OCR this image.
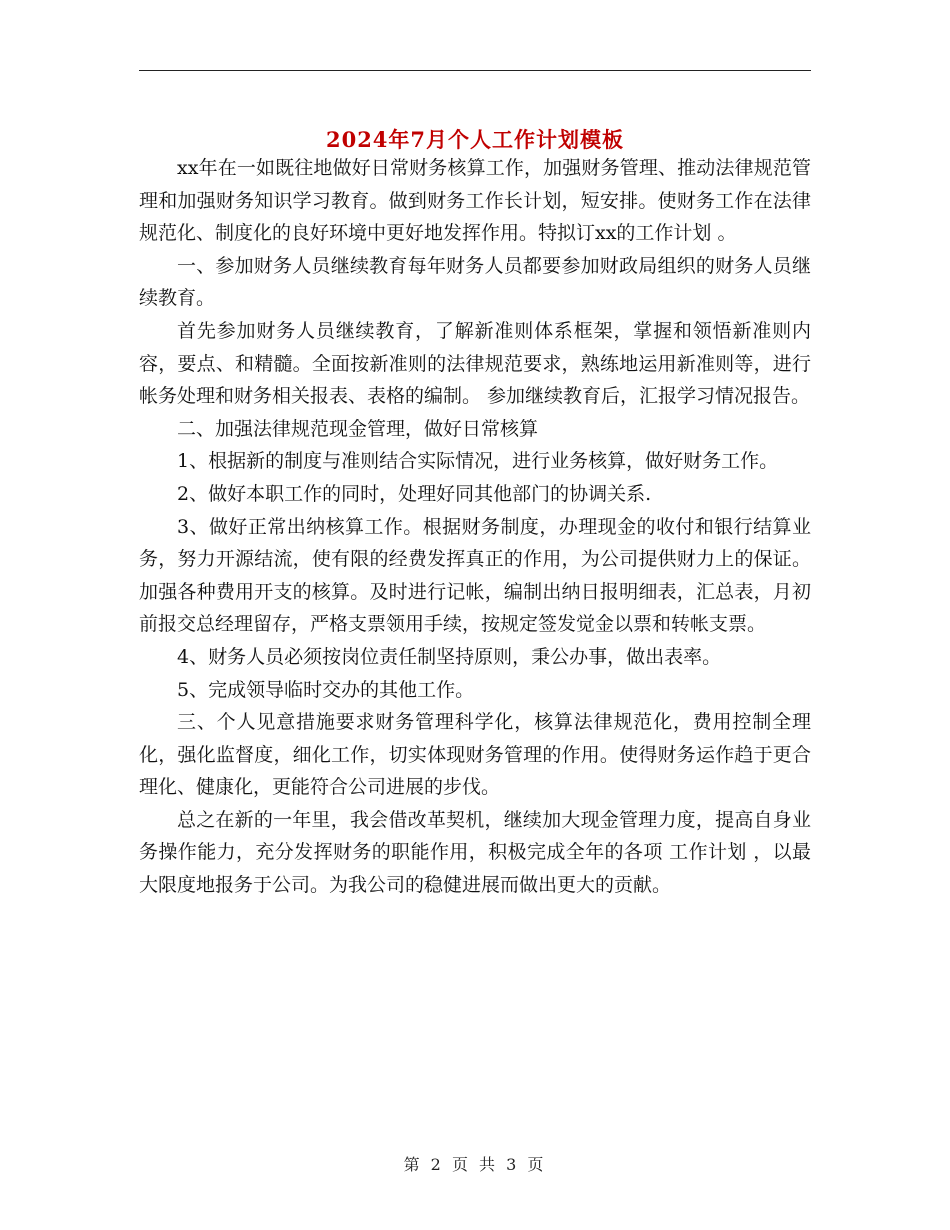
2024年7月个人工作计划模板

xx年在一如既往地做好日常财务核算工作，加强财务管理、推动法律规范管理和加强财务知识学习教育。做到财务工作长计划，短安排。使财务工作在法律规范化、制度化的良好环境中更好地发挥作用。特拟订xx的工作计划 。

一、参加财务人员继续教育每年财务人员都要参加财政局组织的财务人员继续教育。

首先参加财务人员继续教育，了解新准则体系框架，掌握和领悟新准则内容，要点、和精髓。全面按新准则的法律规范要求，熟练地运用新准则等，进行帐务处理和财务相关报表、表格的编制。 参加继续教育后，汇报学习情况报告。

二、加强法律规范现金管理，做好日常核算

1、根据新的制度与准则结合实际情况，进行业务核算，做好财务工作。

2、做好本职工作的同时，处理好同其他部门的协调关系.

3、做好正常出纳核算工作。根据财务制度，办理现金的收付和银行结算业务，努力开源结流，使有限的经费发挥真正的作用，为公司提供财力上的保证。加强各种费用开支的核算。及时进行记帐，编制出纳日报明细表，汇总表，月初前报交总经理留存，严格支票领用手续，按规定签发觉金以票和转帐支票。

4、财务人员必须按岗位责任制坚持原则，秉公办事，做出表率。

5、完成领导临时交办的其他工作。

三、个人见意措施要求财务管理科学化，核算法律规范化，费用控制全理化，强化监督度，细化工作，切实体现财务管理的作用。使得财务运作趋于更合理化、健康化，更能符合公司进展的步伐。

总之在新的一年里，我会借改革契机，继续加大现金管理力度，提高自身业务操作能力，充分发挥财务的职能作用，积极完成全年的各项 工作计划 ，以最大限度地报务于公司。为我公司的稳健进展而做出更大的贡献。

第 2 页 共 3 页
